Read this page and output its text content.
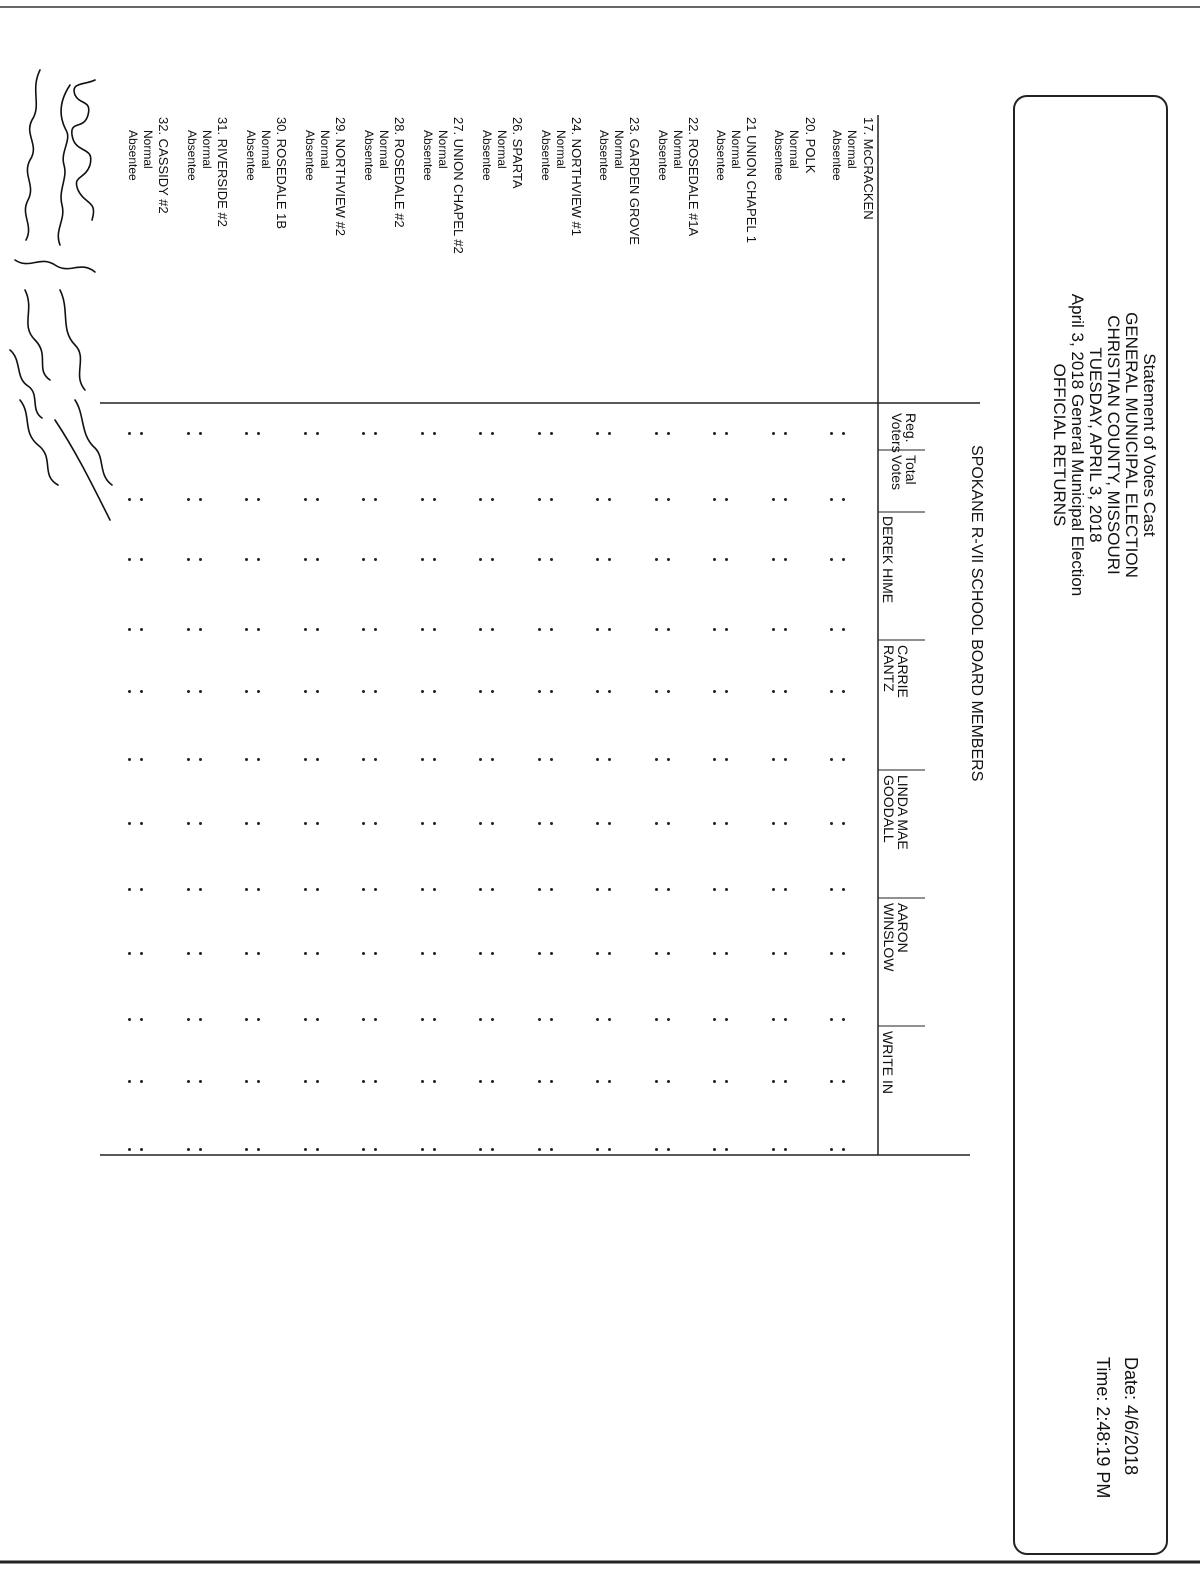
Statement of Votes Cast
GENERAL MUNICIPAL ELECTION
CHRISTIAN COUNTY, MISSOURI
TUESDAY, APRIL 3, 2018
April 3, 2018 General Municipal Election
OFFICIAL RETURNS
Date: 4/6/2018
Time: 2:48:19 PM
SPOKANE R-VII SCHOOL BOARD MEMBERS
Reg.
Voters
Total
Votes
DEREK HIME
CARRIE
RANTZ
LINDA MAE
GOODALL
AARON
WINSLOW
WRITE IN
17. McCRACKEN
Normal
Absentee
20. POLK
Normal
Absentee
21 UNION CHAPEL 1
Normal
Absentee
22. ROSEDALE #1A
Normal
Absentee
23. GARDEN GROVE
Normal
Absentee
24. NORTHVIEW #1
Normal
Absentee
26. SPARTA
Normal
Absentee
27. UNION CHAPEL #2
Normal
Absentee
28. ROSEDALE #2
Normal
Absentee
29. NORTHVIEW #2
Normal
Absentee
30. ROSEDALE 1B
Normal
Absentee
31. RIVERSIDE #2
Normal
Absentee
32. CASSIDY #2
Normal
Absentee
